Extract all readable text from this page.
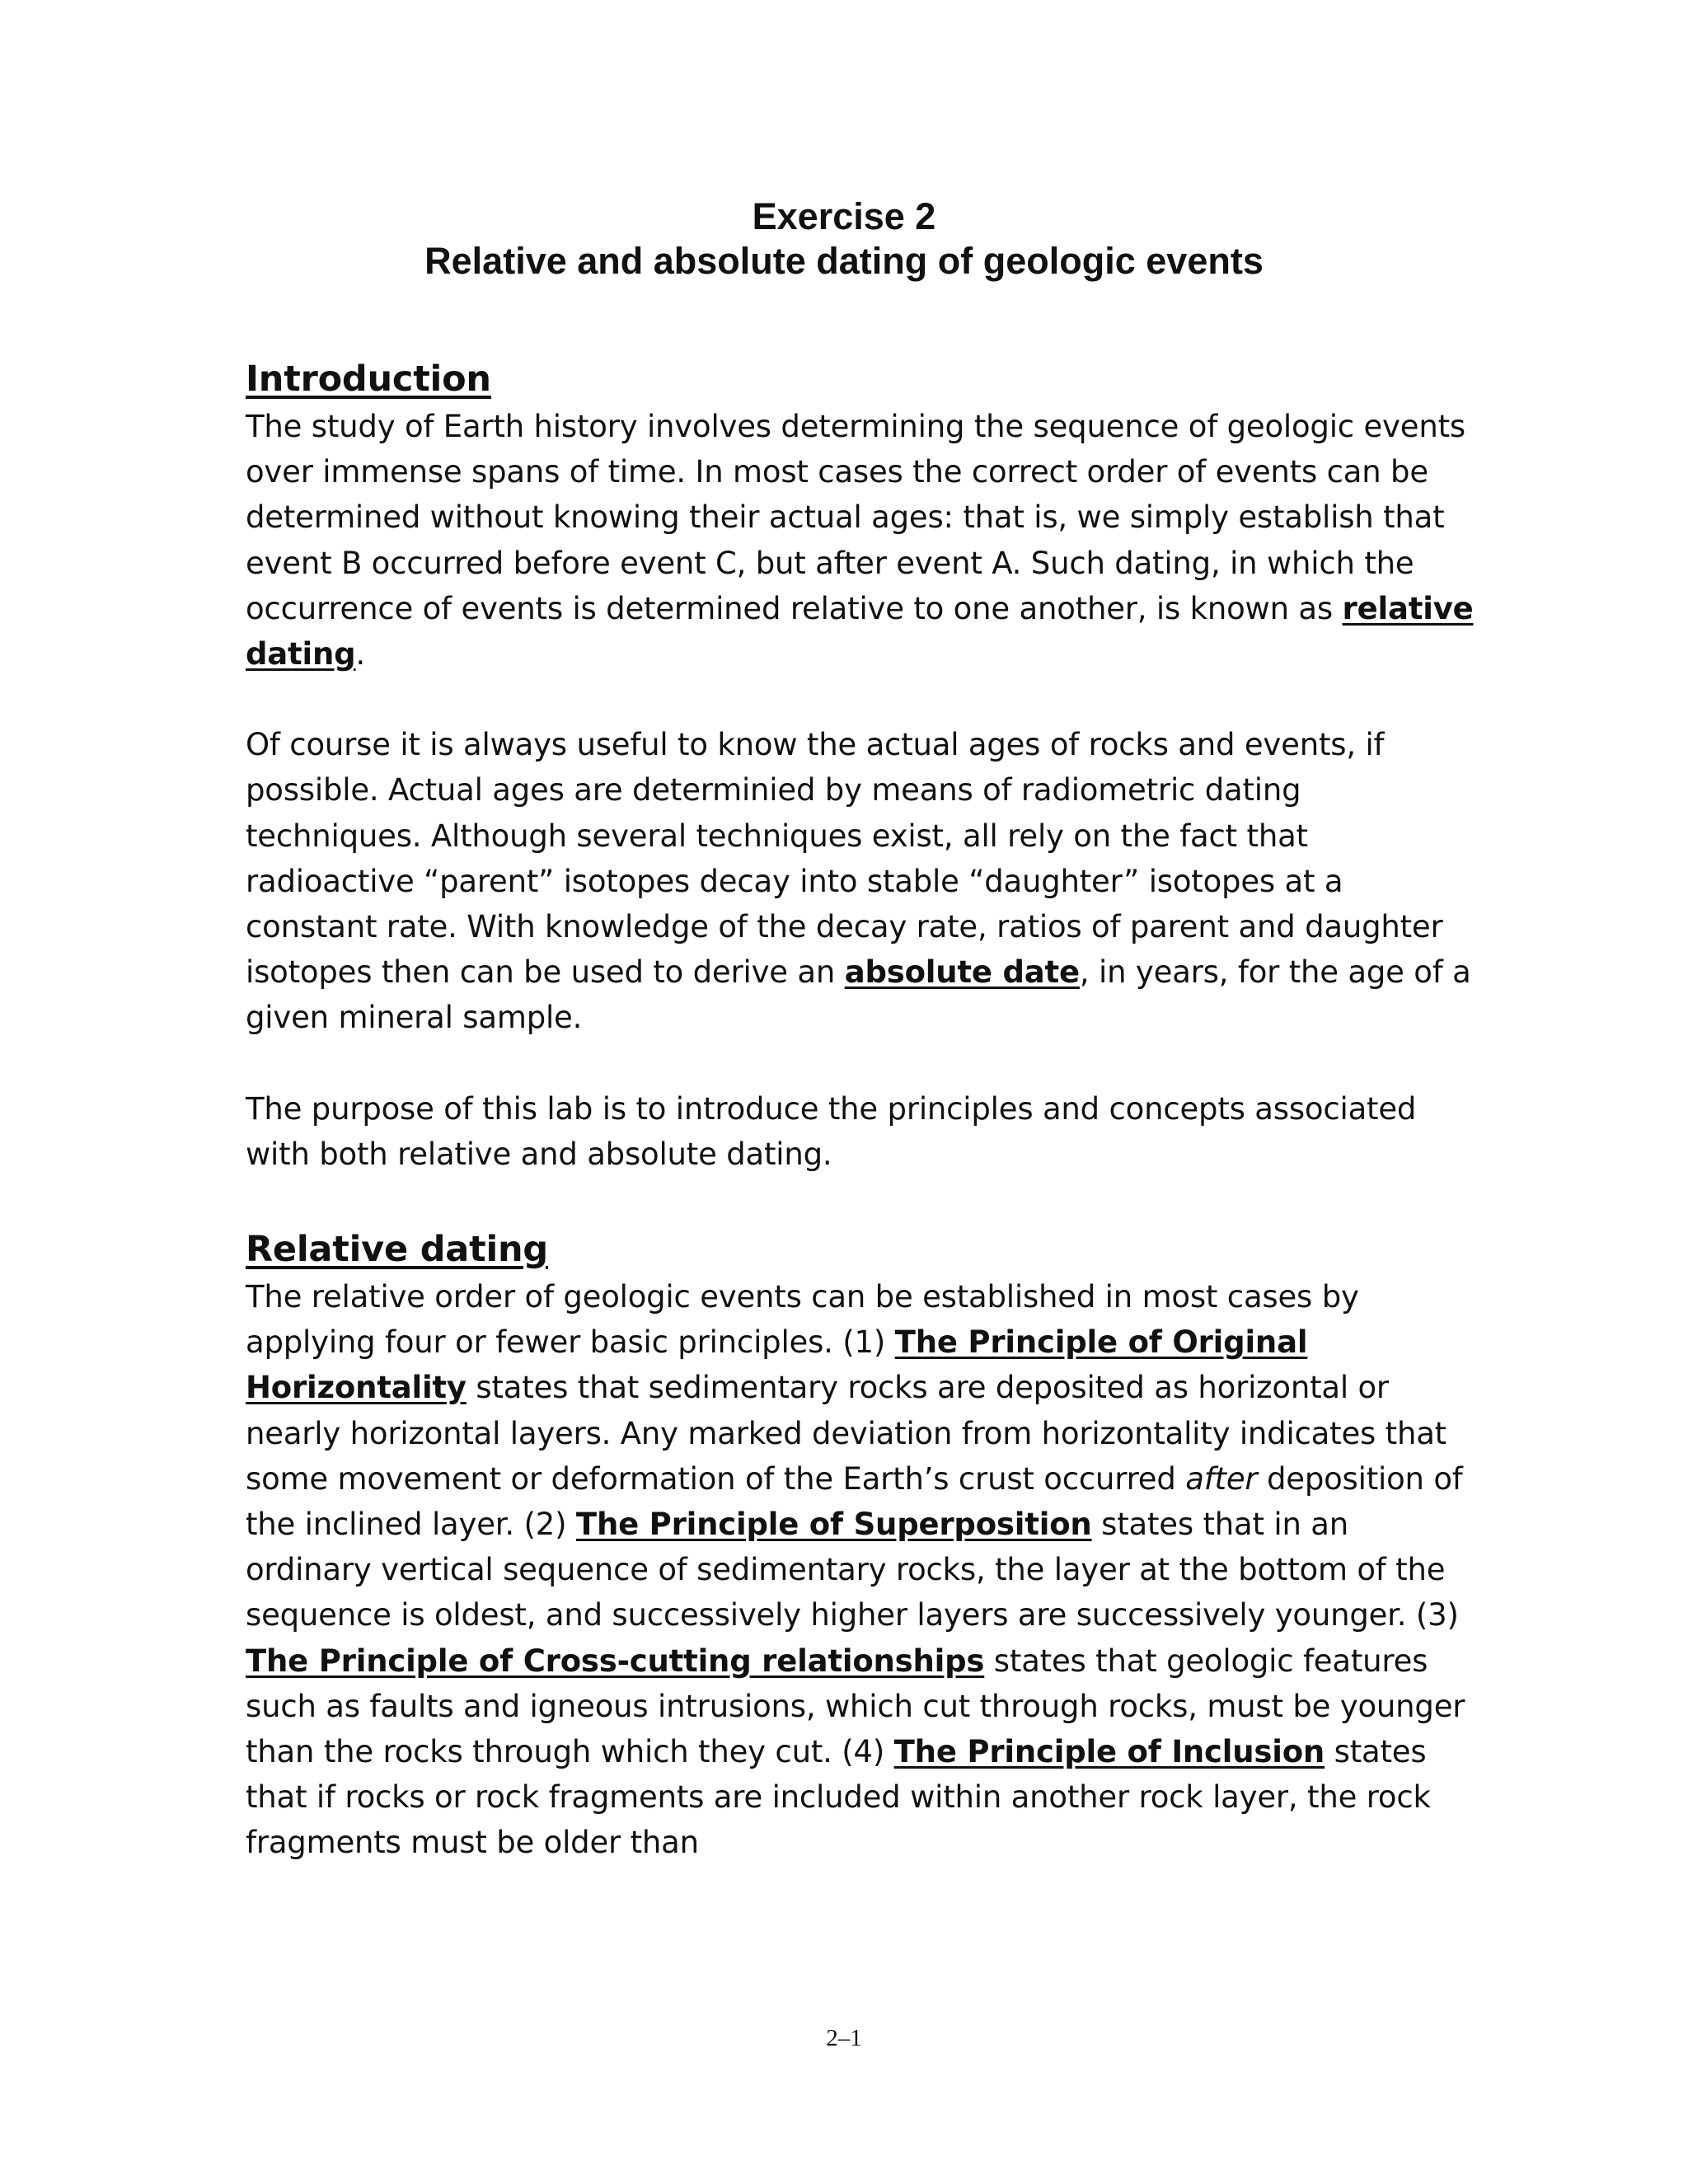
Exercise 2
Relative and absolute dating of geologic events
Introduction

The study of Earth history involves determining the sequence of geologic events over immense spans of time. In most cases the correct order of events can be determined without knowing their actual ages: that is, we simply establish that event B occurred before event C, but after event A. Such dating, in which the occurrence of events is determined relative to one another, is known as relative dating.

Of course it is always useful to know the actual ages of rocks and events, if possible. Actual ages are determinied by means of radiometric dating techniques. Although several techniques exist, all rely on the fact that radioactive “parent” isotopes decay into stable “daughter” isotopes at a constant rate. With knowledge of the decay rate, ratios of parent and daughter isotopes then can be used to derive an absolute date, in years, for the age of a given mineral sample.

The purpose of this lab is to introduce the principles and concepts associated with both relative and absolute dating.

Relative dating

The relative order of geologic events can be established in most cases by applying four or fewer basic principles. (1) The Principle of Original Horizontality states that sedimentary rocks are deposited as horizontal or nearly horizontal layers. Any marked deviation from horizontality indicates that some movement or deformation of the Earth’s crust occurred after deposition of the inclined layer. (2) The Principle of Superposition states that in an ordinary vertical sequence of sedimentary rocks, the layer at the bottom of the sequence is oldest, and successively higher layers are successively younger. (3) The Principle of Cross-cutting relationships states that geologic features such as faults and igneous intrusions, which cut through rocks, must be younger than the rocks through which they cut. (4) The Principle of Inclusion states that if rocks or rock fragments are included within another rock layer, the rock fragments must be older than

2–1
